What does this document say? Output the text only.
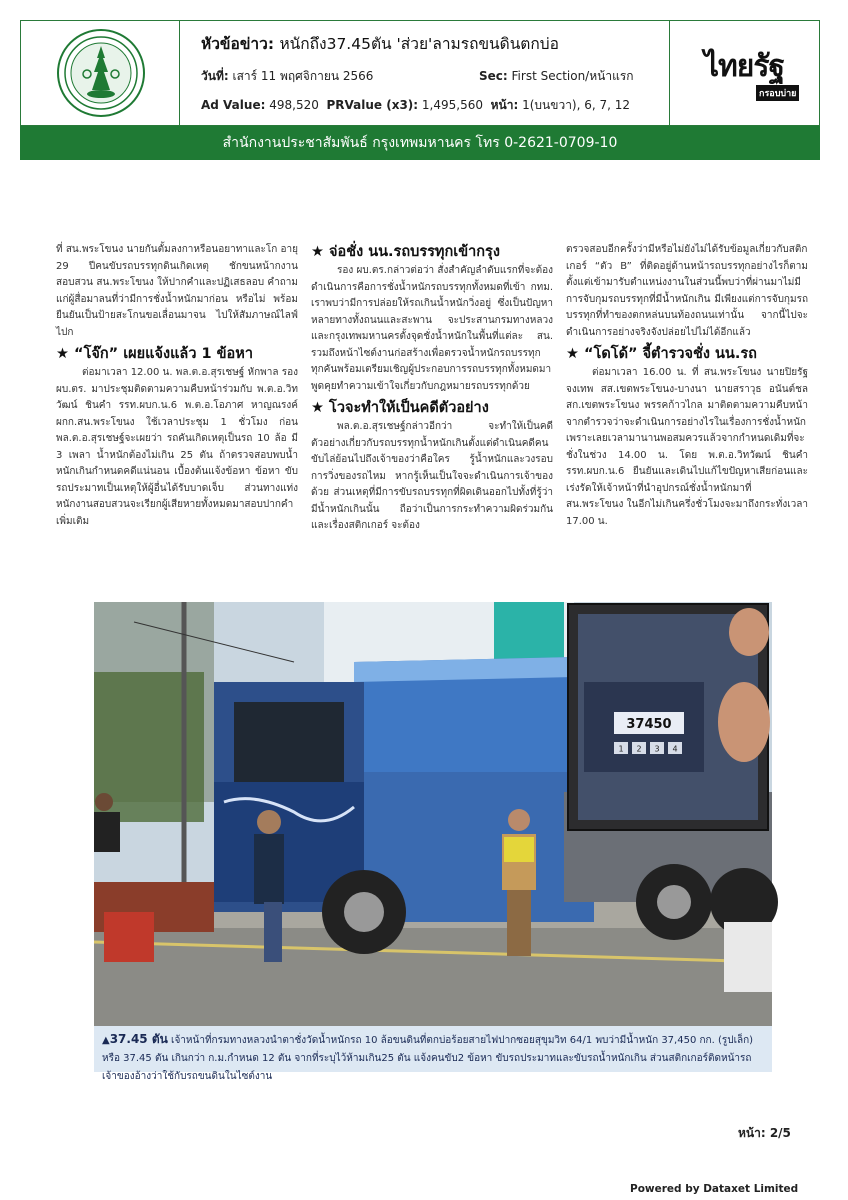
หัวข้อข่าว: หนักถึง37.45ตัน 'ส่วย'ลามรถขนดินตกบ่อ
วันที่: เสาร์ 11 พฤศจิกายน 2566	Sec: First Section/หน้าแรก
Ad Value: 498,520 PRValue (x3): 1,495,560 หน้า: 1(บนขวา), 6, 7, 12
ไทยรัฐ
กรอบบ่าย
สำนักงานประชาสัมพันธ์ กรุงเทพมหานคร โทร 0-2621-0709-10

ที่ สน.พระโขนง นายกันตั้มลงกาหรือนอยาทาและโก อายุ 29 ปีคนขับรถบรรทุกดินเกิดเหตุ ชักขนหน้ากงาน สอบสวน สน.พระโขนง ให้ปากคำและปฏิเสธลอบ คำถามแก่ผู้สื่อมาลนที่ว่ามีการชั่งน้ำหนักมาก่อน หรือไม่ พร้อมยืนยันเป็นป้ายสะโกนขอเลื่อนมาจน ไปให้สัมภาษณ์ไลฟ์ไปก

★ “โจ๊ก” เผยแจ้งแล้ว 1 ข้อหา

ต่อมาเวลา 12.00 น. พล.ต.อ.สุรเชษฐ์ หักพาล รอง ผบ.ตร. มาประชุมติดตามความคืบหน้าร่วมกับ พ.ต.อ.วิทวัฒน์ ชินคำ รรท.ผบก.น.6 พ.ต.อ.โอภาศ หาญณรงค์ ผกก.สน.พระโขนง ใช้เวลาประชุม 1 ชั่วโมง ก่อน พล.ต.อ.สุรเชษฐ์จะเผยว่า รถคันเกิดเหตุเป็นรถ 10 ล้อ มี 3 เพลา น้ำหนักต้องไม่เกิน 25 ตัน ถ้าตรวจสอบพบน้ำหนักเกินกำหนดคดีแน่นอน เบื้องต้นแจ้งข้อหา ข้อหา ขับรถประมาทเป็นเหตุให้ผู้อื่นได้รับบาดเจ็บ ส่วนทางแท่งหนักงานสอบสวนจะเรียกผู้เสียหายทั้งหมดมาสอบปากคำเพิ่มเติม

★ จ่อชั่ง นน.รถบรรทุกเข้ากรุง

รอง ผบ.ตร.กล่าวต่อว่า สั่งสำคัญลำดับแรกที่จะต้องดำเนินการคือการชั่งน้ำหนักรถบรรทุกทั้งหมดที่เข้า กทม. เราพบว่ามีการปล่อยให้รถเกินน้ำหนักวิ่งอยู่ ซึ่งเป็นปัญหาหลายทางทั้งถนนและสะพาน จะประสานกรมทางหลวงและกรุงเทพมหานครตั้งจุดชั่งน้ำหนักในพื้นที่แต่ละ สน. รวมถึงหน้าไซต์งานก่อสร้างเพื่อตรวจน้ำหนักรถบรรทุกทุกคันพร้อมเตรียมเชิญผู้ประกอบการรถบรรทุกทั้งหมดมาพูดคุยทำความเข้าใจเกี่ยวกับกฎหมายรถบรรทุกด้วย

★ โวจะทำให้เป็นคดีตัวอย่าง

พล.ต.อ.สุรเชษฐ์กล่าวอีกว่า จะทำให้เป็นคดีตัวอย่างเกี่ยวกับรถบรรทุกน้ำหนักเกินตั้งแต่ดำเนินคดีคนขับไล่ย้อนไปถึงเจ้าของว่าคือใคร รู้น้ำหนักและวงรอบการวิ่งของรถไหม หากรู้เห็นเป็นใจจะดำเนินการเจ้าของด้วย ส่วนเหตุที่มีการขับรถบรรทุกที่ผิดเดินออกไปทั้งที่รู้ว่ามีน้ำหนักเกินนั้น ถือว่าเป็นการกระทำความผิดร่วมกันและเรื่องสติกเกอร์ จะต้อง

ตรวจสอบอีกครั้งว่ามีหรือไม่ยังไม่ได้รับข้อมูลเกี่ยวกับสติกเกอร์ “ตัว B” ที่ติดอยู่ด้านหน้ารถบรรทุกอย่างไรก็ตามตั้งแต่เข้ามารับตำแหน่งงานในส่วนนี้พบว่าที่ผ่านมาไม่มีการจับกุมรถบรรทุกที่มีน้ำหนักเกิน มีเพียงแต่การจับกุมรถบรรทุกที่ทำของตกหล่นบนท้องถนนเท่านั้น จากนี้ไปจะดำเนินการอย่างจริงจังปล่อยไปไม่ได้อีกแล้ว

★ “โดโด้” จี้ตำรวจชั่ง นน.รถ

ต่อมาเวลา 16.00 น. ที่ สน.พระโขนง นายปิยรัฐ จงเทพ สส.เขตพระโขนง-บางนา นายสราวุธ อนันต์ชล สก.เขตพระโขนง พรรคก้าวไกล มาติดตามความคืบหน้าจากตำรวจว่าจะดำเนินการอย่างไรในเรื่องการชั่งน้ำหนัก เพราะเลยเวลามานานพอสมควรแล้วจากกำหนดเดิมที่จะชั่งในช่วง 14.00 น. โดย พ.ต.อ.วิทวัฒน์ ชินคำ รรท.ผบก.น.6 ยืนยันและเดินไปแก้ไขปัญหาเสียก่อนและเร่งรัดให้เจ้าหน้าที่นำอุปกรณ์ชั่งน้ำหนักมาที่ สน.พระโขนง ในอีกไม่เกินครึ่งชั่วโมงจะมาถึงกระทั่งเวลา 17.00 น.

37450
1 2 3 4
▲37.45 ตัน เจ้าหน้าที่กรมทางหลวงนำตาชั่งวัดน้ำหนักรถ 10 ล้อขนดินที่ตกบ่อร้อยสายไฟปากซอยสุขุมวิท 64/1 พบว่ามีน้ำหนัก 37,450 กก. (รูปเล็ก) หรือ 37.45 ตัน เกินกว่า ก.ม.กำหนด 12 ตัน จากที่ระบุไว้ห้ามเกิน25 ตัน แจ้งคนขับ2 ข้อหา ขับรถประมาทและขับรถน้ำหนักเกิน ส่วนสติกเกอร์ติดหน้ารถเจ้าของอ้างว่าใช้กับรถขนดินในไซต์งาน
หน้า: 2/5
Powered by Dataxet Limited
